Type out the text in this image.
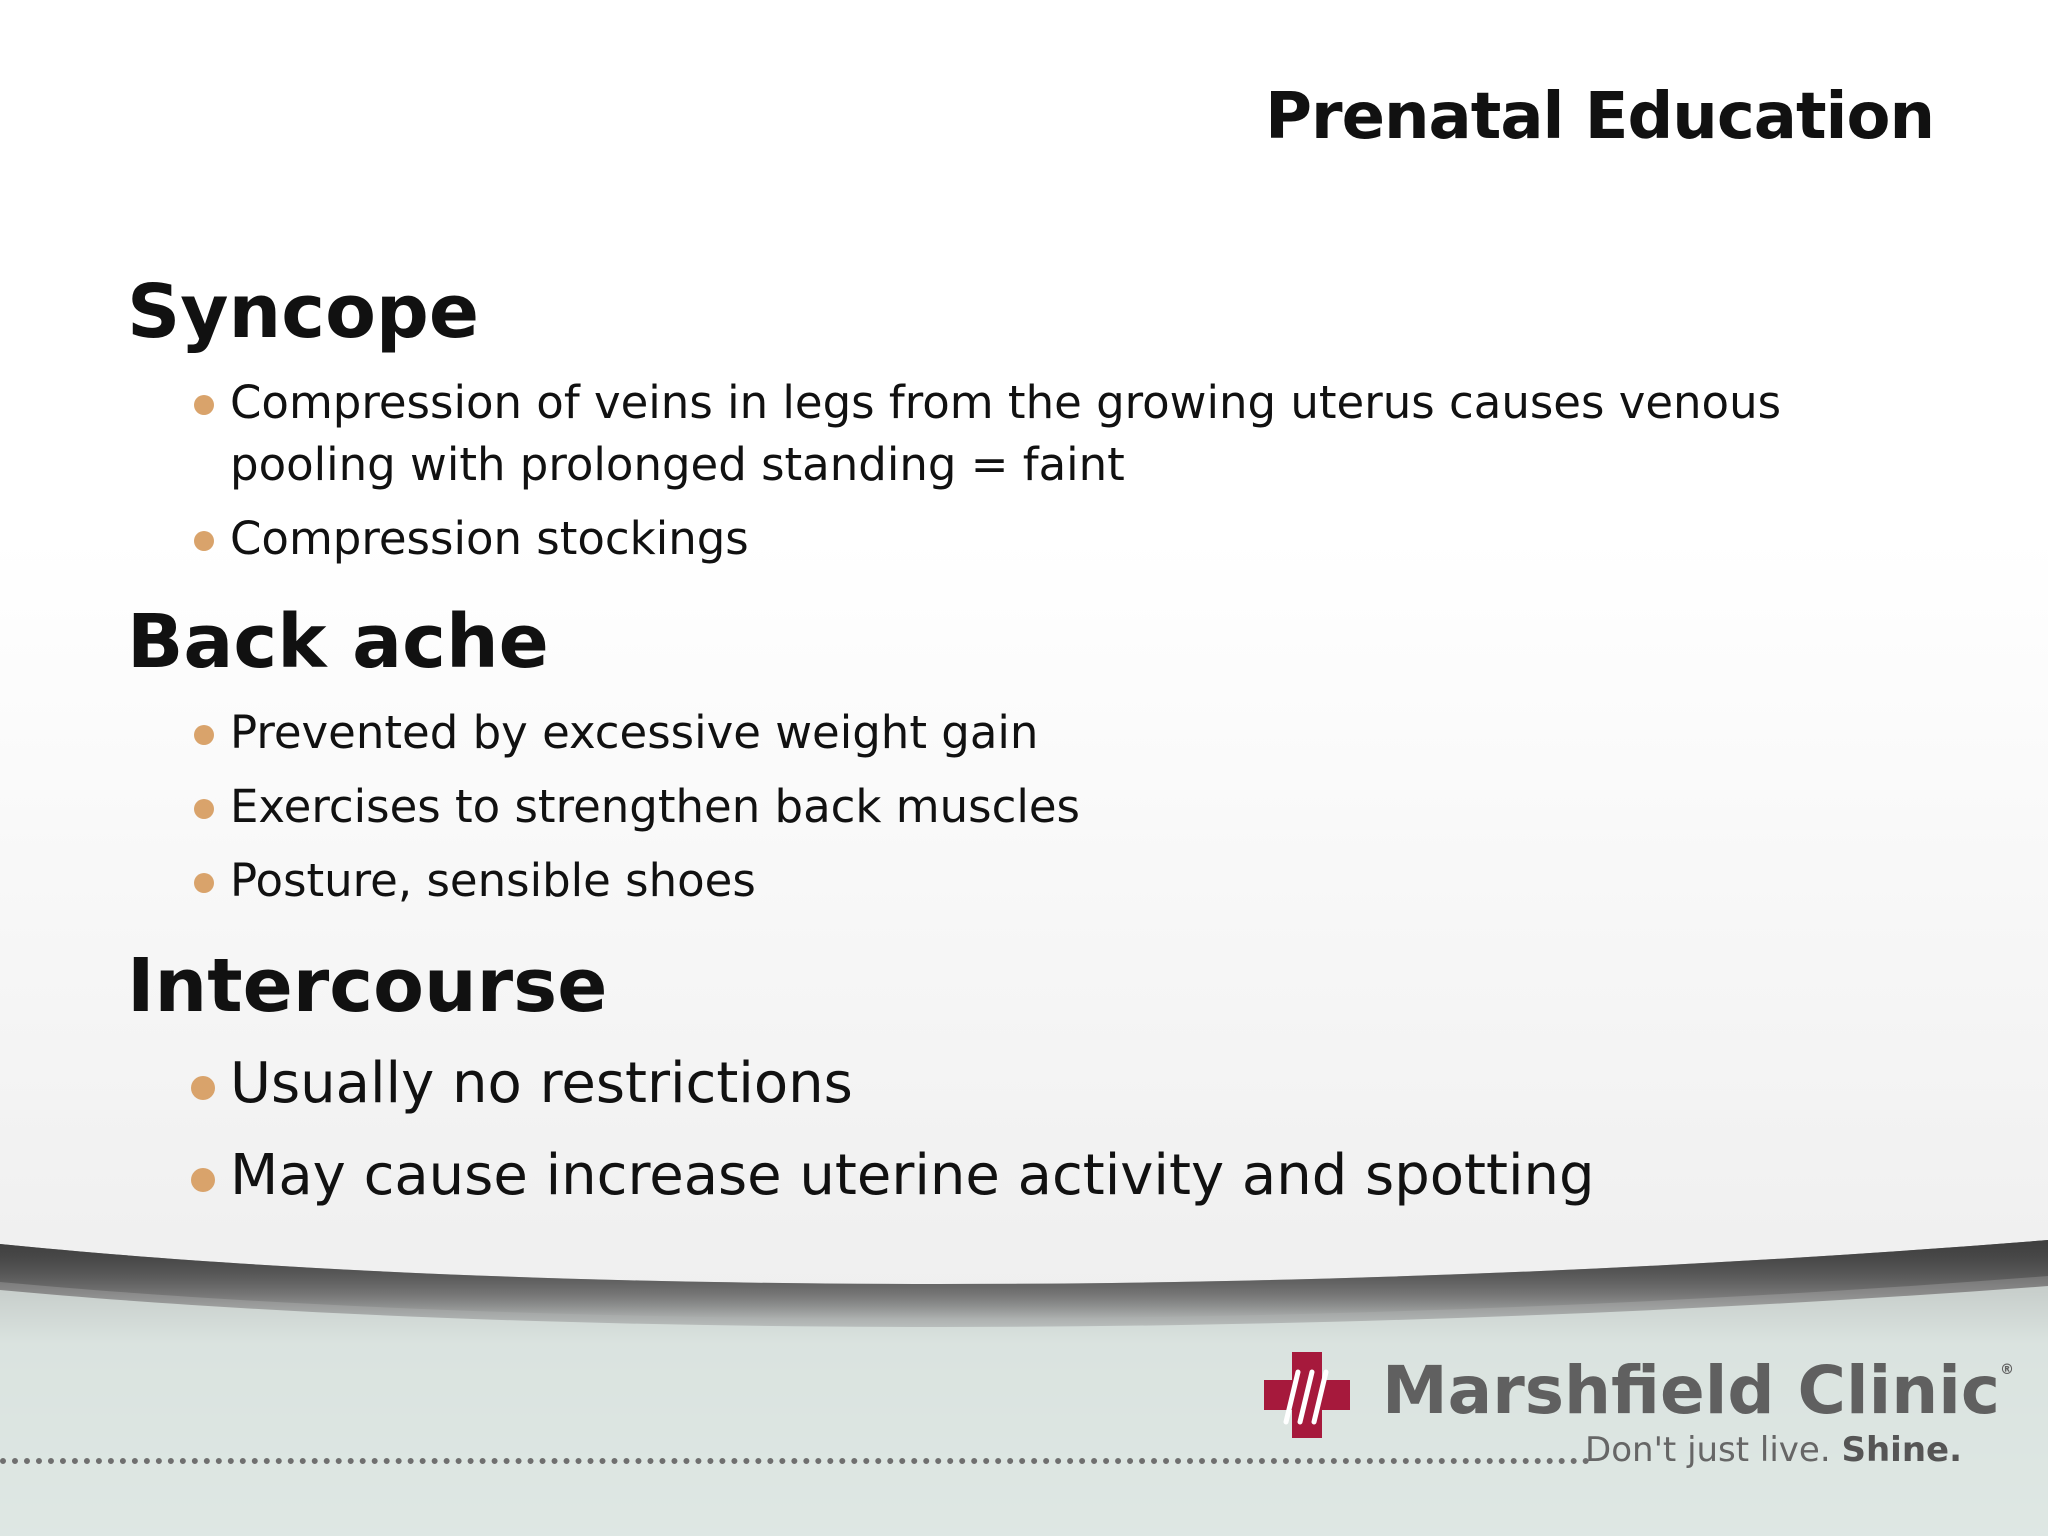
Prenatal Education
Syncope
Compression of veins in legs from the growing uterus causes venous pooling with prolonged standing = faint
Compression stockings
Back ache
Prevented by excessive weight gain
Exercises to strengthen back muscles
Posture, sensible shoes
Intercourse
Usually no restrictions
May cause increase uterine activity and spotting
Marshfield Clinic®
Don't just live. Shine.
